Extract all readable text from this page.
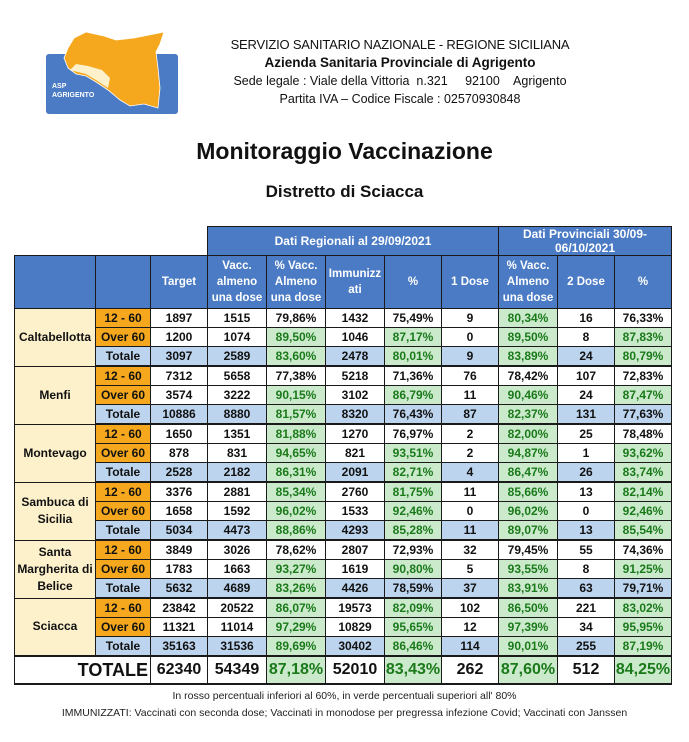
ASP
AGRIGENTO
SERVIZIO SANITARIO NAZIONALE - REGIONE SICILIANA
Azienda Sanitaria Provinciale di Agrigento
Sede legale : Viale della Vittoria  n.321     92100    Agrigento
Partita IVA – Codice Fiscale : 02570930848
Monitoraggio Vaccinazione
Distretto di Sciacca
			Dati Regionali al 29/09/2021					Dati Provinciali 30/09-06/10/2021		
		Target	Vacc. almeno una dose	% Vacc. Almeno una dose	Immunizz ati	%	1 Dose	% Vacc. Almeno una dose	2 Dose	%
Caltabellotta	12 - 60	1897	1515	79,86%	1432	75,49%	9	80,34%	16	76,33%
	Over 60	1200	1074	89,50%	1046	87,17%	0	89,50%	8	87,83%
	Totale	3097	2589	83,60%	2478	80,01%	9	83,89%	24	80,79%
Menfi	12 - 60	7312	5658	77,38%	5218	71,36%	76	78,42%	107	72,83%
	Over 60	3574	3222	90,15%	3102	86,79%	11	90,46%	24	87,47%
	Totale	10886	8880	81,57%	8320	76,43%	87	82,37%	131	77,63%
Montevago	12 - 60	1650	1351	81,88%	1270	76,97%	2	82,00%	25	78,48%
	Over 60	878	831	94,65%	821	93,51%	2	94,87%	1	93,62%
	Totale	2528	2182	86,31%	2091	82,71%	4	86,47%	26	83,74%
Sambuca di Sicilia	12 - 60	3376	2881	85,34%	2760	81,75%	11	85,66%	13	82,14%
	Over 60	1658	1592	96,02%	1533	92,46%	0	96,02%	0	92,46%
	Totale	5034	4473	88,86%	4293	85,28%	11	89,07%	13	85,54%
Santa Margherita di Belice	12 - 60	3849	3026	78,62%	2807	72,93%	32	79,45%	55	74,36%
	Over 60	1783	1663	93,27%	1619	90,80%	5	93,55%	8	91,25%
	Totale	5632	4689	83,26%	4426	78,59%	37	83,91%	63	79,71%
Sciacca	12 - 60	23842	20522	86,07%	19573	82,09%	102	86,50%	221	83,02%
	Over 60	11321	11014	97,29%	10829	95,65%	12	97,39%	34	95,95%
	Totale	35163	31536	89,69%	30402	86,46%	114	90,01%	255	87,19%
TOTALE		62340	54349	87,18%	52010	83,43%	262	87,60%	512	84,25%
In rosso percentuali inferiori al 60%, in verde percentuali superiori all' 80%
IMMUNIZZATI: Vaccinati con seconda dose; Vaccinati in monodose per pregressa infezione Covid; Vaccinati con Janssen
